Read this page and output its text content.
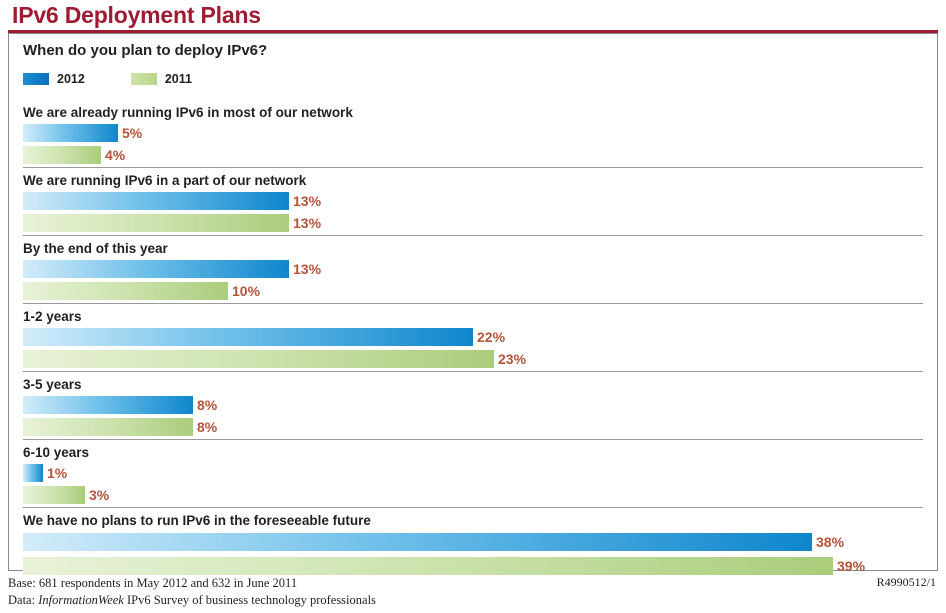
IPv6 Deployment Plans
When do you plan to deploy IPv6?
2012	2011
We are already running IPv6 in most of our network
5%
4%
We are running IPv6 in a part of our network
13%
13%
By the end of this year
13%
10%
1-2 years
22%
23%
3-5 years
8%
8%
6-10 years
1%
3%
We have no plans to run IPv6 in the foreseeable future
38%
39%
Base: 681 respondents in May 2012 and 632 in June 2011
Data: InformationWeek IPv6 Survey of business technology professionals
R4990512/1
